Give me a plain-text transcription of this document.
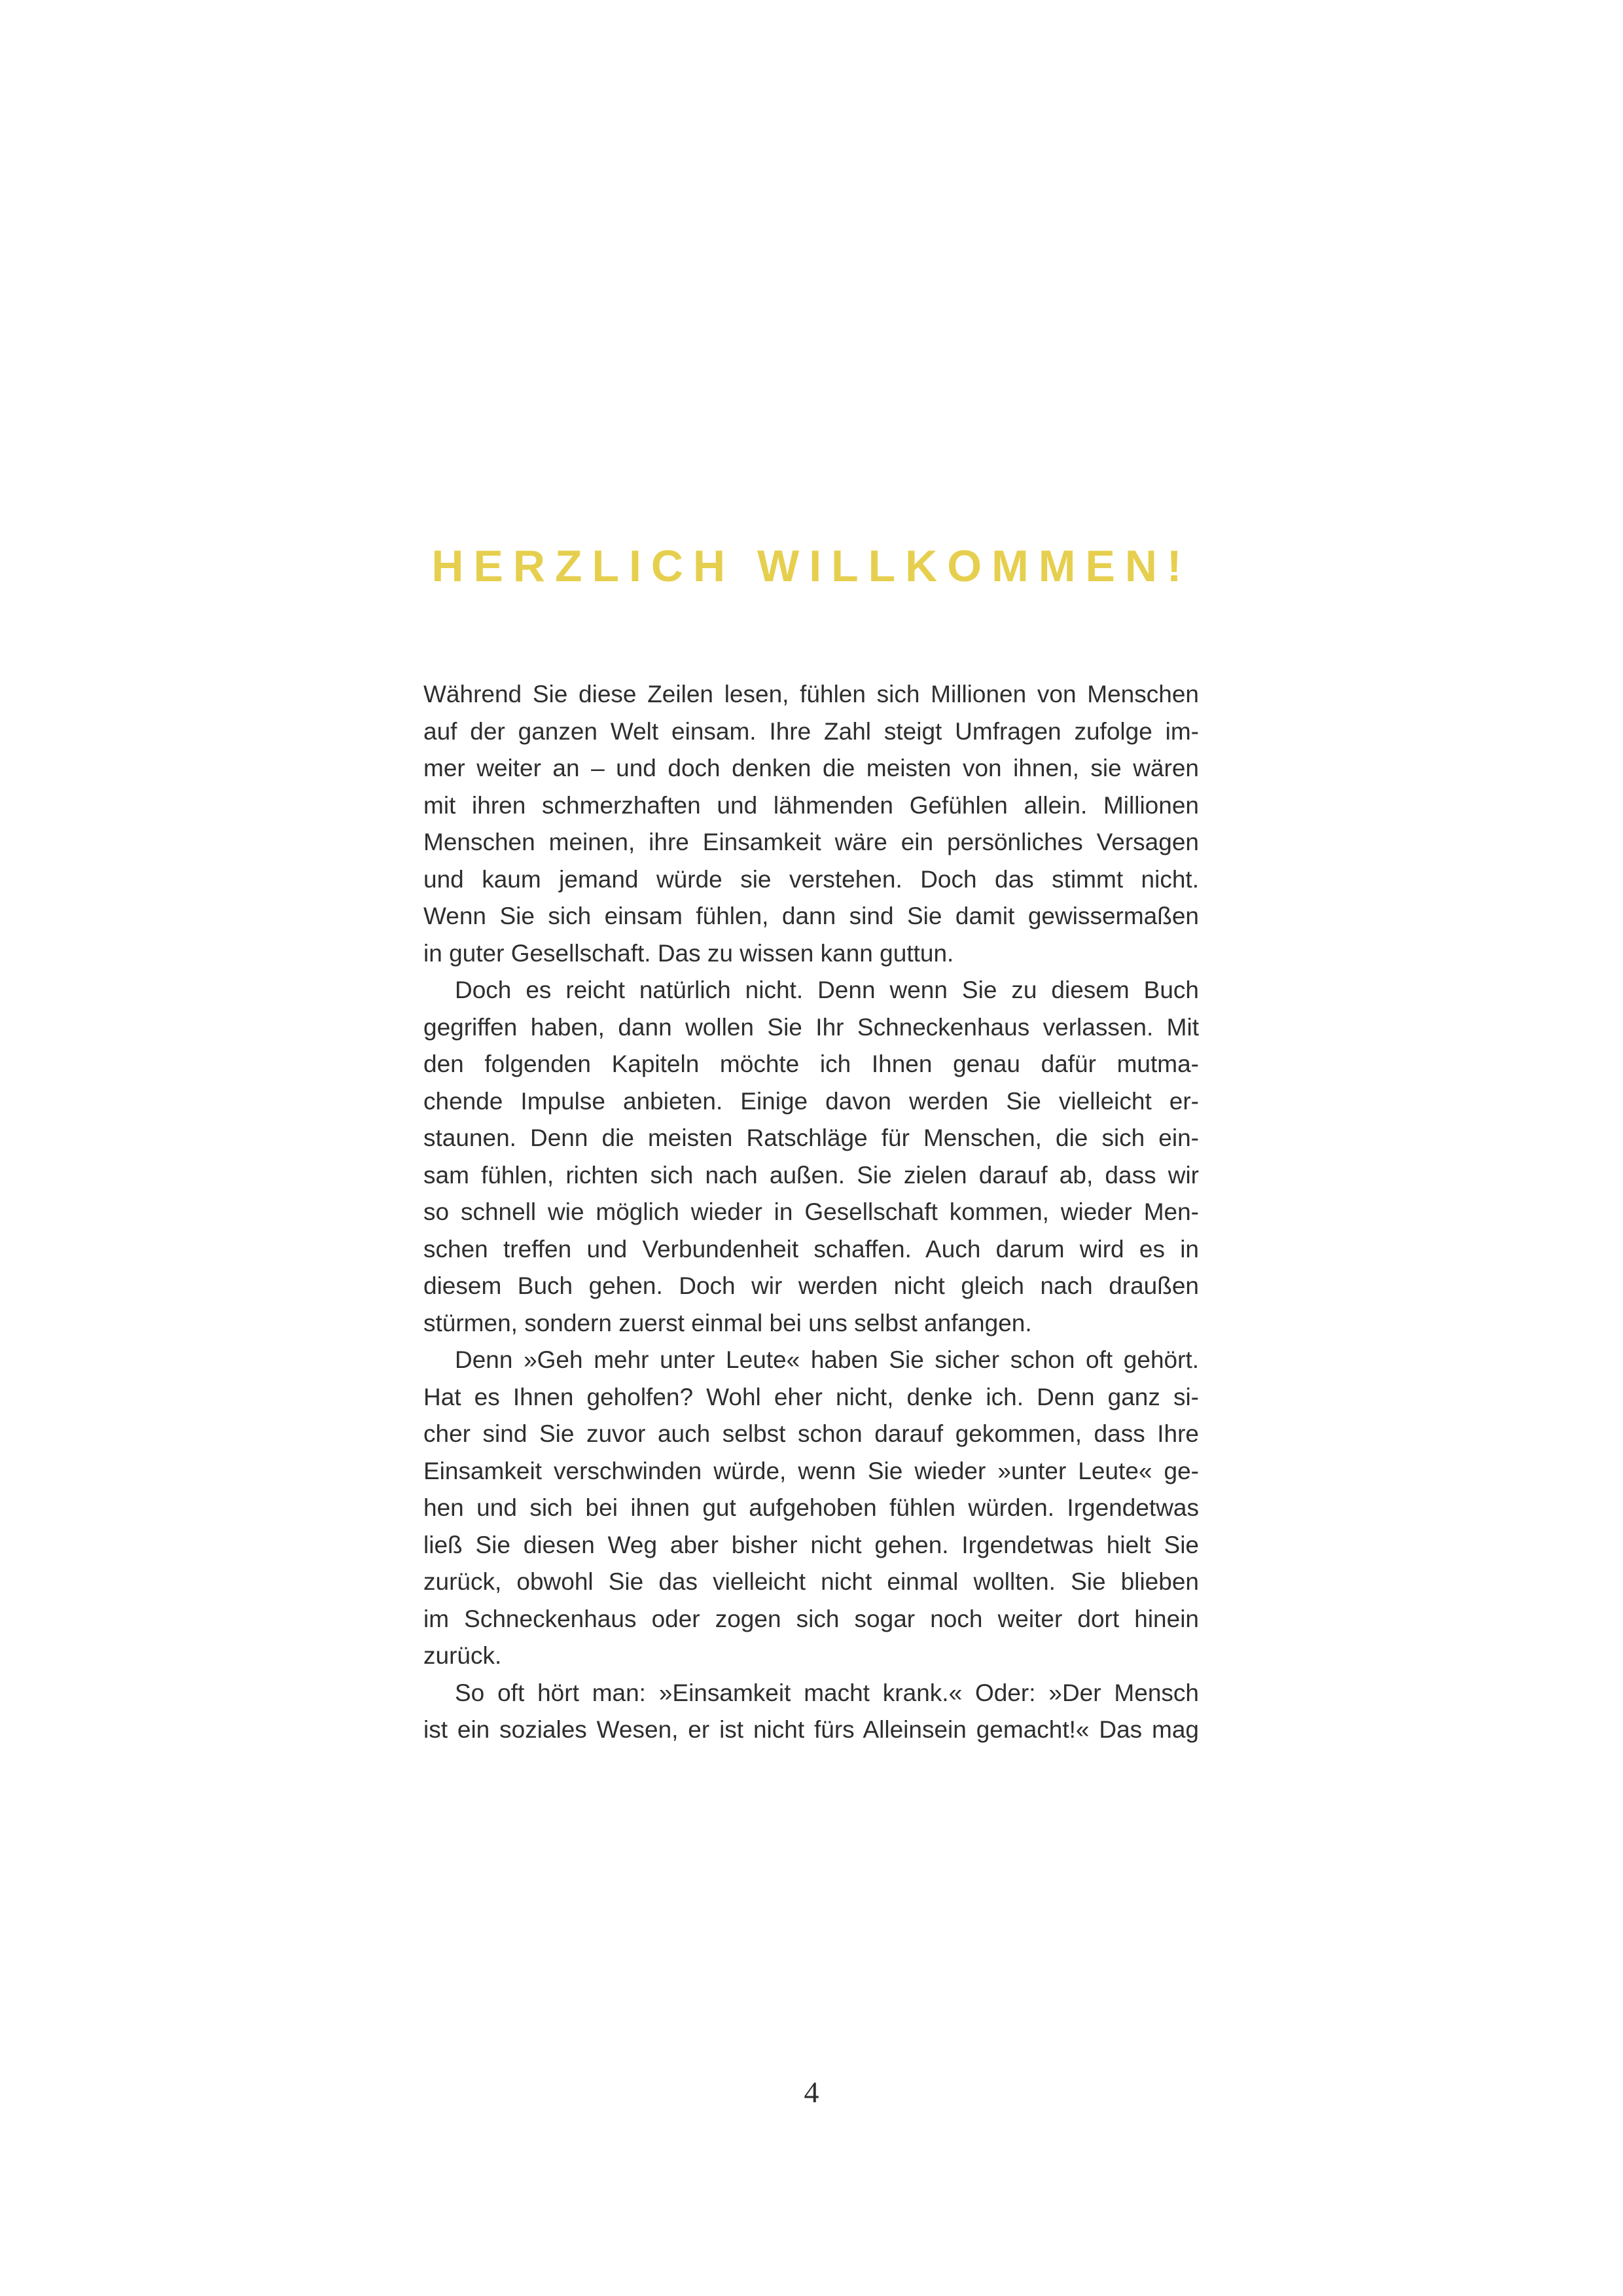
HERZLICH WILLKOMMEN!
Während Sie diese Zeilen lesen, fühlen sich Millionen von Menschen
auf der ganzen Welt einsam. Ihre Zahl steigt Umfragen zufolge im-
mer weiter an – und doch denken die meisten von ihnen, sie wären
mit ihren schmerzhaften und lähmenden Gefühlen allein. Millionen
Menschen meinen, ihre Einsamkeit wäre ein persönliches Versagen
und kaum jemand würde sie verstehen. Doch das stimmt nicht.
Wenn Sie sich einsam fühlen, dann sind Sie damit gewissermaßen
in guter Gesellschaft. Das zu wissen kann guttun.
Doch es reicht natürlich nicht. Denn wenn Sie zu diesem Buch
gegriffen haben, dann wollen Sie Ihr Schneckenhaus verlassen. Mit
den folgenden Kapiteln möchte ich Ihnen genau dafür mutma-
chende Impulse anbieten. Einige davon werden Sie vielleicht er-
staunen. Denn die meisten Ratschläge für Menschen, die sich ein-
sam fühlen, richten sich nach außen. Sie zielen darauf ab, dass wir
so schnell wie möglich wieder in Gesellschaft kommen, wieder Men-
schen treffen und Verbundenheit schaffen. Auch darum wird es in
diesem Buch gehen. Doch wir werden nicht gleich nach draußen
stürmen, sondern zuerst einmal bei uns selbst anfangen.
Denn »Geh mehr unter Leute« haben Sie sicher schon oft gehört.
Hat es Ihnen geholfen? Wohl eher nicht, denke ich. Denn ganz si-
cher sind Sie zuvor auch selbst schon darauf gekommen, dass Ihre
Einsamkeit verschwinden würde, wenn Sie wieder »unter Leute« ge-
hen und sich bei ihnen gut aufgehoben fühlen würden. Irgendetwas
ließ Sie diesen Weg aber bisher nicht gehen. Irgendetwas hielt Sie
zurück, obwohl Sie das vielleicht nicht einmal wollten. Sie blieben
im Schneckenhaus oder zogen sich sogar noch weiter dort hinein
zurück.
So oft hört man: »Einsamkeit macht krank.« Oder: »Der Mensch
ist ein soziales Wesen, er ist nicht fürs Alleinsein gemacht!« Das mag
4
